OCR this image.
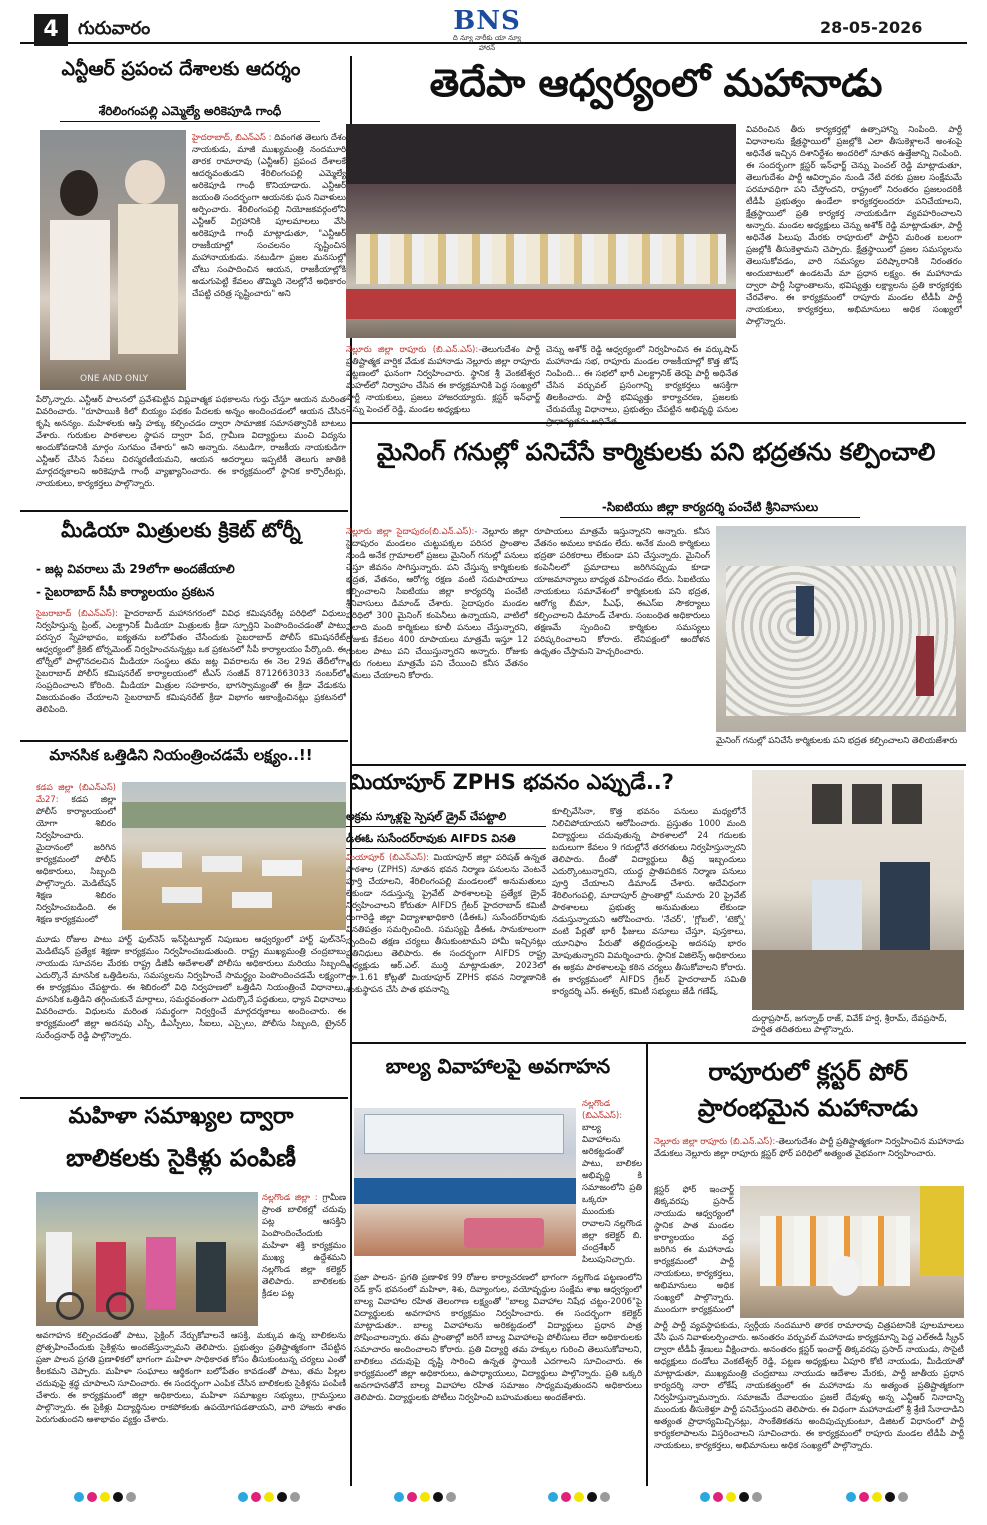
4	గురువారం	BNS
ది న్యూ నారీకు యా న్యూ హారన్
28-05-2026
ఎన్టీఆర్ ప్రపంచ దేశాలకు ఆదర్శం
శేరిలింగంపల్లి ఎమ్మెల్యే అరికెపూడి గాంధీ
ONE AND ONLY
హైదరాబాద్, బిఎన్ఎస్ : దివంగత తెలుగు దేశం నాయకుడు, మాజీ ముఖ్యమంత్రి నందమూరి తారక రామారావు (ఎన్టీఆర్) ప్రపంచ దేశాలకే ఆదర్శవంతుడని శేరిలింగంపల్లి ఎమ్మెల్యే అరికెపూడి గాంధీ కొనియాడారు. ఎన్టీఆర్ జయంతి సందర్భంగా ఆయనకు ఘన నివాళులు అర్పించారు. శేరిలింగంపల్లి నియోజకవర్గంలోని ఎన్టీఆర్ విగ్రహానికి పూలమాలలు వేసి అరికెపూడి గాంధీ మాట్లాడుతూ, "ఎన్టీఆర్ రాజకీయాల్లో సంచలనం సృష్టించిన మహానాయకుడు. నటుడిగా ప్రజల మనసుల్లో చోటు సంపాదించిన ఆయన, రాజకీయాల్లోకి అడుగుపెట్టి కేవలం తొమ్మిది నెలల్లోనే అధికారం చేపట్టి చరిత్ర సృష్టించారు" అని
పేర్కొన్నారు. ఎన్టీఆర్ పాలనలో ప్రవేశపెట్టిన విప్లవాత్మక పథకాలను గుర్తు చేస్తూ ఆయన మరింత వివరించారు. "రూపాయికి కిలో బియ్యం పథకం పేదలకు అన్నం అందించడంలో ఆయన చేసిన కృషి అనన్యం. మహిళలకు ఆస్తి హక్కు కల్పించడం ద్వారా సామాజిక సమానత్వానికి బాటలు వేశారు. గురుకుల పాఠశాలల స్థాపన ద్వారా పేద, గ్రామీణ విద్యార్థులు మంచి విద్యను అందుకోవడానికి మార్గం సుగమం చేశారు" అని అన్నారు. నటుడిగా, రాజకీయ నాయకుడిగా ఎన్టీఆర్ చేసిన సేవలు చిరస్మరణీయమని, ఆయన ఆదర్శాలు ఇప్పటికీ తెలుగు జాతికి మార్గదర్శకాలని అరికెపూడి గాంధీ వ్యాఖ్యానించారు. ఈ కార్యక్రమంలో స్థానిక కార్పొరేటర్లు, నాయకులు, కార్యకర్తలు పాల్గొన్నారు.
మీడియా మిత్రులకు క్రికెట్ టోర్నీ
- జట్ల వివరాలు మే 29లోగా అందజేయాలి
- సైబరాబాద్ సీపీ కార్యాలయం ప్రకటన
సైబరాబాద్ (బిఎన్ఎస్): హైదరాబాద్ మహానగరంలో వివిధ కమిషనరేట్ల పరిధిలో విధులు నిర్వహిస్తున్న ప్రింట్, ఎలక్ట్రానిక్ మీడియా మిత్రులకు క్రీడా స్ఫూర్తిని పెంపొందించడంతో పాటు పరస్పర స్నేహభావం, ఐక్యతను బలోపేతం చేసేందుకు సైబరాబాద్ పోలీస్ కమిషనరేట్ ఆధ్వర్యంలో క్రికెట్ టోర్నమెంట్ నిర్వహించనున్నట్లు ఒక ప్రకటనలో సీపీ కార్యాలయం పేర్కొంది. ఈ టోర్నీలో పాల్గొనదలచిన మీడియా సంస్థలు తమ జట్ల వివరాలను ఈ నెల 29వ తేదీలోగా సైబరాబాద్ పోలీస్ కమిషనరేట్ కార్యాలయంలో టీఎస్ సంజీవ్ 8712663033 నంబర్‌లో సంప్రదించాలని కోరింది. మీడియా మిత్రుల సహకారం, భాగస్వామ్యంతో ఈ క్రీడా వేడుకను విజయవంతం చేయాలని సైబరాబాద్ కమిషనరేట్ క్రీడా విభాగం ఆకాంక్షించినట్లు ప్రకటనలో తెలిపింది.
మానసిక ఒత్తిడిని నియంత్రించడమే లక్ష్యం..!!
కడప జిల్లా (బిఎన్ఎస్) మే27: కడప జిల్లా పోలీస్ కార్యాలయంలో యోగా శిబిరం నిర్వహించారు. మైదానంలో జరిగిన కార్యక్రమంలో పోలీస్ అధికారులు, సిబ్బంది పాల్గొన్నారు. మెడిటేషన్ శిక్షణ శిబిరం నిర్వహించబడింది. ఈ శిక్షణ కార్యక్రమంలో
మూడు రోజుల పాటు హార్ట్ ఫుల్‌నెస్ ఇన్‌స్టిట్యూట్ నిపుణుల ఆధ్వర్యంలో హార్ట్ ఫుల్‌నెస్ మెడిటేషన్ ప్రత్యేక శిక్షణా కార్యక్రమం నిర్వహించబడుతుంది. రాష్ట్ర ముఖ్యమంత్రి చంద్రబాబు నాయుడు సూచనల మేరకు రాష్ట్ర డీజీపీ ఆదేశాలతో పోలీసు అధికారులు మరియు సిబ్బంది ఎదుర్కొనే మానసిక ఒత్తిడిలను, సమస్యలను నిర్వహించే సామర్థ్యం పెంపొందించడమే లక్ష్యంగా ఈ కార్యక్రమం చేపట్టారు. ఈ శిబిరంలో విధి నిర్వహణలో ఒత్తిడిని నియంత్రించే విధానాలు, మానసిక ఒత్తిడిని తగ్గించుకునే మార్గాలు, సమర్థవంతంగా ఎదుర్కొనే పద్ధతులు, ధ్యాన విధానాలు వివరించారు. విధులను మరింత సమర్థంగా నిర్వర్తించే మార్గదర్శకాలు అందించారు. ఈ కార్యక్రమంలో జిల్లా అదనపు ఎస్పీ, డీఎస్పీలు, సీఐలు, ఎస్సైలు, పోలీసు సిబ్బంది, ట్రైనర్ సురేంద్రనాథ్ రెడ్డి పాల్గొన్నారు.
మహిళా సమాఖ్యల ద్వారా
బాలికలకు సైకిళ్లు పంపిణీ
నల్లగొండ జిల్లా : గ్రామీణ ప్రాంత బాలికల్లో చదువు పట్ల ఆసక్తిని పెంపొందించేందుకు మహిళా శక్తి కార్యక్రమం ముఖ్య ఉద్దేశమని నల్లగొండ జిల్లా కలెక్టర్ తెలిపారు. బాలికలకు క్రీడల పట్ల
అవగాహన కల్పించడంతో పాటు, సైక్లింగ్ నేర్చుకోవాలనే ఆసక్తి, మక్కువ ఉన్న బాలికలను ప్రోత్సహించేందుకు సైకిళ్లను అందజేస్తున్నామని తెలిపారు. ప్రభుత్వం ప్రతిష్టాత్మకంగా చేపట్టిన ప్రజా పాలన ప్రగతి ప్రణాళికలో భాగంగా మహిళా సాధికారత కోసం తీసుకుంటున్న చర్యలు ఎంతో కీలకమని చెప్పారు. మహిళా సంఘాలు ఆర్థికంగా బలోపేతం కావడంతో పాటు, తమ పిల్లల చదువుపై శ్రద్ధ చూపాలని సూచించారు. ఈ సందర్భంగా ఎంపిక చేసిన బాలికలకు సైకిళ్లను పంపిణీ చేశారు. ఈ కార్యక్రమంలో జిల్లా అధికారులు, మహిళా సమాఖ్యల సభ్యులు, గ్రామస్తులు పాల్గొన్నారు. ఈ సైకిళ్లు విద్యార్థినుల రాకపోకలకు ఉపయోగపడతాయని, వారి హాజరు శాతం పెరుగుతుందని ఆశాభావం వ్యక్తం చేశారు.
తెదేపా ఆధ్వర్యంలో మహానాడు
నెల్లూరు జిల్లా రాపూరు (బి.ఎన్.ఎస్):-తెలుగుదేశం పార్టీ ప్రతిష్టాత్మక వార్షిక వేడుక మహానాడు నెల్లూరు జిల్లా రాపూరు పట్టణంలో ఘనంగా నిర్వహించారు. స్థానిక శ్రీ వెంకటేశ్వర మహల్‌లో నిర్వాహం చేసిన ఈ కార్యక్రమానికి పెద్ద సంఖ్యలో పార్టీ నాయకులు, ప్రజలు హాజరయ్యారు. క్లస్టర్ ఇన్‌ఛార్జ్ చెన్ను పెంచల్ రెడ్డి, మండల అధ్యక్షులు
చెన్ను అశోక్ రెడ్డి ఆధ్వర్యంలో నిర్వహించిన ఈ వర్కుషాప్ మహానాడు సభ, రాపూరు మండల రాజకీయాల్లో కొత్త జోష్ నింపింది... ఈ సభలో భారీ ఎలక్ట్రానిక్ తెరపై పార్టీ అధినేత చేసిన వర్చువల్ ప్రసంగాన్ని కార్యకర్తలు ఆసక్తిగా తిలకించారు. పార్టీ భవిష్యత్తు కార్యాచరణ, ప్రజలకు చేరువయ్యే విధానాలు, ప్రభుత్వం చేపట్టిన అభివృద్ధి పనుల
వివరించిన తీరు కార్యకర్తల్లో ఉత్సాహాన్ని నింపింది. పార్టీ విధానాలను క్షేత్రస్థాయిలో ప్రజల్లోకి ఎలా తీసుకెళ్లాలనే అంశంపై అధినేత ఇచ్చిన దిశానిర్దేశం అందరిలో నూతన ఉత్తేజాన్ని నింపింది. ఈ సందర్భంగా క్లస్టర్ ఇన్‌ఛార్జ్ చెన్ను పెంచల్ రెడ్డి మాట్లాడుతూ, తెలుగుదేశం పార్టీ ఆవిర్భావం నుండి నేటి వరకు ప్రజల సంక్షేమమే పరమావధిగా పని చేస్తోందని, రాష్ట్రంలో నిరంతరం ప్రజలందరికీ టీడీపీ ప్రభుత్వం ఉండేలా కార్యకర్తలందరూ పనిచేయాలని, క్షేత్రస్థాయిలో ప్రతి కార్యకర్త నాయకుడిగా వ్యవహరించాలని అన్నారు. మండల అధ్యక్షులు చెన్ను అశోక్ రెడ్డి మాట్లాడుతూ, పార్టీ అధినేత పిలుపు మేరకు రాపూరులో పార్టీని మరింత బలంగా ప్రజల్లోకి తీసుకెళ్తామని చెప్పారు. క్షేత్రస్థాయిలో ప్రజల సమస్యలను తెలుసుకోవడం, వారి సమస్యల పరిష్కారానికి నిరంతరం అందుబాటులో ఉండటమే మా ప్రధాన లక్ష్యం. ఈ మహానాడు ద్వారా పార్టీ సిద్ధాంతాలను, భవిష్యత్తు లక్ష్యాలను ప్రతి కార్యకర్తకు చేరవేశాం. ఈ కార్యక్రమంలో రాపూరు మండల టీడీపీ పార్టీ నాయకులు, కార్యకర్తలు, అభిమానులు అధిక సంఖ్యలో పాల్గొన్నారు.
మైనింగ్ గనుల్లో పనిచేసే కార్మికులకు పని భద్రతను కల్పించాలి
-సిఐటియు జిల్లా కార్యదర్శి పంచేటి శ్రీనివాసులు
నెల్లూరు జిల్లా సైదాపురం(బి.ఎన్.ఎస్):- నెల్లూరు జిల్లా సైదాపురం మండలం చుట్టుపక్కల పరిసర ప్రాంతాల నుండి అనేక గ్రామాలలో ప్రజలు మైనింగ్ గనుల్లో పనులు చేస్తూ జీవనం సాగిస్తున్నారు. పని చేస్తున్న కార్మికులకు భద్రత, వేతనం, ఆరోగ్య రక్షణ వంటి సదుపాయాలు కల్పించాలని సిఐటియు జిల్లా కార్యదర్శి పంచేటి శ్రీనివాసులు డిమాండ్ చేశారు. సైదాపురం మండల పరిధిలో 300 మైనింగ్ కంపెనీలు ఉన్నాయని, వాటిలో వేలాది మంది కార్మికులు కూలీ పనులు చేస్తున్నారని, రోజుకు కేవలం 400 రూపాయలు మాత్రమే ఇస్తూ 12 గంటల పాటు పని చేయిస్తున్నారని అన్నారు. రోజుకు ఆరు గంటలు మాత్రమే పని చేయించి కనీస వేతనం అమలు చేయాలని కోరారు.
రూపాయలు మాత్రమే ఇస్తున్నారని అన్నారు. కనీస వేతనం అమలు కావడం లేదు. అనేక మంది కార్మికులు భద్రతా పరికరాలు లేకుండా పని చేస్తున్నారు. మైనింగ్ కంపెనీలలో ప్రమాదాలు జరిగినప్పుడు కూడా యాజమాన్యాలు బాధ్యత వహించడం లేదు. సిఐటియు నాయకులు సమావేశంలో కార్మికులకు పని భద్రత, ఆరోగ్య బీమా, పీఎఫ్, ఈఎస్ఐ సౌకర్యాలు కల్పించాలని డిమాండ్ చేశారు. సంబంధిత అధికారులు తక్షణమే స్పందించి కార్మికుల సమస్యలు పరిష్కరించాలని కోరారు. లేనిపక్షంలో ఆందోళన ఉధృతం చేస్తామని హెచ్చరించారు.
మైనింగ్ గనుల్లో పనిచేసే కార్మికులకు పని భద్రత కల్పించాలని తెలియజేశారు
మియాపూర్ ZPHS భవనం ఎప్పుడే..?
అక్రమ స్కూళ్లపై స్పెషల్ డ్రైవ్ చేపట్టాలి
డీఈఓ సుసేందర్‌రావుకు AIFDS వినతి
మియాపూర్ (బిఎన్ఎస్): మియాపూర్ జిల్లా పరిషత్ ఉన్నత పాఠశాల (ZPHS) నూతన భవన నిర్మాణ పనులను వెంటనే పూర్తి చేయాలని, శేరిలింగంపల్లి మండలంలో అనుమతులు లేకుండా నడుస్తున్న ప్రైవేట్ పాఠశాలలపై ప్రత్యేక డ్రైవ్ నిర్వహించాలని కోరుతూ AIFDS గ్రేటర్ హైదరాబాద్ కమిటీ రంగారెడ్డి జిల్లా విద్యాశాఖాధికారి (డీఈఓ) సుసేందర్‌రావుకు వినతిపత్రం సమర్పించింది. సమస్యపై డీఈఓ సానుకూలంగా స్పందించి తక్షణ చర్యలు తీసుకుంటామని హామీ ఇచ్చినట్లు ప్రతినిధులు తెలిపారు. ఈ సందర్భంగా AIFDS రాష్ట్ర అధ్యక్షుడు ఆర్.ఎల్. ముర్తి మాట్లాడుతూ, 2023లో రూ.1.61 కోట్లతో మియాపూర్ ZPHS భవన నిర్మాణానికి శంకుస్థాపన చేసి పాత భవనాన్ని
కూల్చివేసినా, కొత్త భవనం పనులు మధ్యలోనే నిలిచిపోయాయని ఆరోపించారు. ప్రస్తుతం 1000 మంది విద్యార్థులు చదువుతున్న పాఠశాలలో 24 గదులకు బదులుగా కేవలం 9 గదుల్లోనే తరగతులు నిర్వహిస్తున్నారని తెలిపారు. దీంతో విద్యార్థులు తీవ్ర ఇబ్బందులు ఎదుర్కొంటున్నారని, యుద్ధ ప్రాతిపదికన నిర్మాణ పనులు పూర్తి చేయాలని డిమాండ్ చేశారు. అదేవిధంగా శేరిలింగంపల్లి, మాదాపూర్ ప్రాంతాల్లో సుమారు 20 ప్రైవేట్ పాఠశాలలు ప్రభుత్వ అనుమతులు లేకుండా నడుస్తున్నాయని ఆరోపించారు. 'నేచర్', 'గ్లోబల్', 'టెక్నో' వంటి పేర్లతో భారీ ఫీజులు వసూలు చేస్తూ, పుస్తకాలు, యూనిఫాం పేరుతో తల్లిదండ్రులపై అదనపు భారం మోపుతున్నారని విమర్శించారు. స్థానిక విజిలెన్స్ అధికారులు ఈ అక్రమ పాఠశాలలపై కఠిన చర్యలు తీసుకోవాలని కోరారు. ఈ కార్యక్రమంలో AIFDS గ్రేటర్ హైదరాబాద్ సమితి కార్యదర్శి ఎస్. ఈశ్వర్, కమిటీ సభ్యులు జేడీ గణేష్,
దుర్గాప్రసాద్, జగన్నాథ్ రాజ్, వివేక్ హర్ష, శ్రీరామ్, దేవప్రసాద్, హర్షిత తదితరులు పాల్గొన్నారు.
బాల్య వివాహాలపై అవగాహన
నల్లగొండ (బిఎన్ఎస్): బాల్య వివాహాలను అరికట్టడంతో పాటు, బాలికల అభివృద్ధి కి సమాజంలోని ప్రతి ఒక్కరూ ముందుకు రావాలని నల్లగొండ జిల్లా కలెక్టర్ బి. చంద్రశేఖర్ పిలుపునిచ్చారు.
ప్రజా పాలన- ప్రగతి ప్రణాళిక 99 రోజుల కార్యాచరణలో భాగంగా నల్లగొండ పట్టణంలోని రెడ్ క్రాస్ భవనంలో మహిళా, శిశు, దివ్యాంగుల, వయోవృద్ధుల సంక్షేమ శాఖ ఆధ్వర్యంలో బాల్య వివాహాల రహిత తెలంగాణ లక్ష్యంతో "బాల్య వివాహాల నిషేధ చట్టం-2006"పై విద్యార్థులకు అవగాహన కార్యక్రమం నిర్వహించారు. ఈ సందర్భంగా కలెక్టర్ మాట్లాడుతూ.. బాల్య వివాహాలను అరికట్టడంలో విద్యార్థులు ప్రధాన పాత్ర పోషించాలన్నారు. తమ ప్రాంతాల్లో జరిగే బాల్య వివాహాలపై పోలీసులు లేదా అధికారులకు సమాచారం అందించాలని కోరారు. ప్రతి విద్యార్థి తమ హక్కుల గురించి తెలుసుకోవాలని, బాలికలు చదువుపై దృష్టి సారించి ఉన్నత స్థాయికి ఎదగాలని సూచించారు. ఈ కార్యక్రమంలో జిల్లా అధికారులు, ఉపాధ్యాయులు, విద్యార్థులు పాల్గొన్నారు. ప్రతి ఒక్కరి అవగాహనతోనే బాల్య వివాహాల రహిత సమాజం సాధ్యమవుతుందని అధికారులు తెలిపారు. విద్యార్థులకు పోటీలు నిర్వహించి బహుమతులు అందజేశారు.
రాపూరులో క్లస్టర్ పోర్ ప్రారంభమైన మహానాడు
నెల్లూరు జిల్లా రాపూరు (బి.ఎన్.ఎస్):-తెలుగుదేశం పార్టీ ప్రతిష్టాత్మకంగా నిర్వహించిన మహానాడు వేడుకలు నెల్లూరు జిల్లా రాపూరు క్లస్టర్ ఫోర్ పరిధిలో అత్యంత వైభవంగా నిర్వహించారు.
క్లస్టర్ ఫోర్ ఇంచార్జ్ తిక్కవరపు ప్రసాద్ నాయుడు ఆధ్వర్యంలో స్థానిక పాత మండల కార్యాలయం వద్ద జరిగిన ఈ మహానాడు కార్యక్రమంలో పార్టీ నాయకులు, కార్యకర్తలు, అభిమానులు అధిక సంఖ్యలో పాల్గొన్నారు. ముందుగా కార్యక్రమంలో
పార్టీ పార్టీ వ్యవస్థాపకుడు, స్వర్గీయ నందమూరి తారక రామారావు చిత్రపటానికి పూలమాలలు వేసి ఘన నివాళులర్పించారు. అనంతరం వర్చువల్ మహానాడు కార్యక్రమాన్ని పెద్ద ఎల్ఈడీ స్క్రీన్ ద్వారా టీడీపీ శ్రేణులు వీక్షించారు. అనంతరం క్లస్టర్ ఇంచార్జ్ తిక్కవరపు ప్రసాద్ నాయుడు, సొసైటీ అధ్యక్షులు దండోలు వెంకటేశ్వర్ రెడ్డి, పట్టణ అధ్యక్షులు ఏపూరి కోటి నాయుడు, మీడియాతో మాట్లాడుతూ, ముఖ్యమంత్రి చంద్రబాబు నాయుడు ఆదేశాల మేరకు, పార్టీ జాతీయ ప్రధాన కార్యదర్శి నారా లోకేష్ నాయకత్వంలో ఈ మహానాడు ను అత్యంత ప్రతిష్టాత్మకంగా నిర్వహిస్తున్నామన్నారు. సమాజమే దేవాలయం ప్రజలే దేవుళ్ళు అన్న ఎన్టీఆర్ నినాదాన్ని ముందుకు తీసుకెళ్తూ పార్టీ పనిచేస్తుందని తెలిపారు. ఈ విధంగా మహానాడులో శ్రీ శ్రేణి సేనాదాడిని అత్యంత ప్రాధాన్యమిచ్చినట్లు, సాంకేతికతను అందిపుచ్చుకుంటూ, డిజిటల్ విధానంలో పార్టీ కార్యకలాపాలను విస్తరించాలని సూచించారు. ఈ కార్యక్రమంలో రాపూరు మండల టీడీపీ పార్టీ నాయకులు, కార్యకర్తలు, అభిమానులు అధిక సంఖ్యలో పాల్గొన్నారు.
